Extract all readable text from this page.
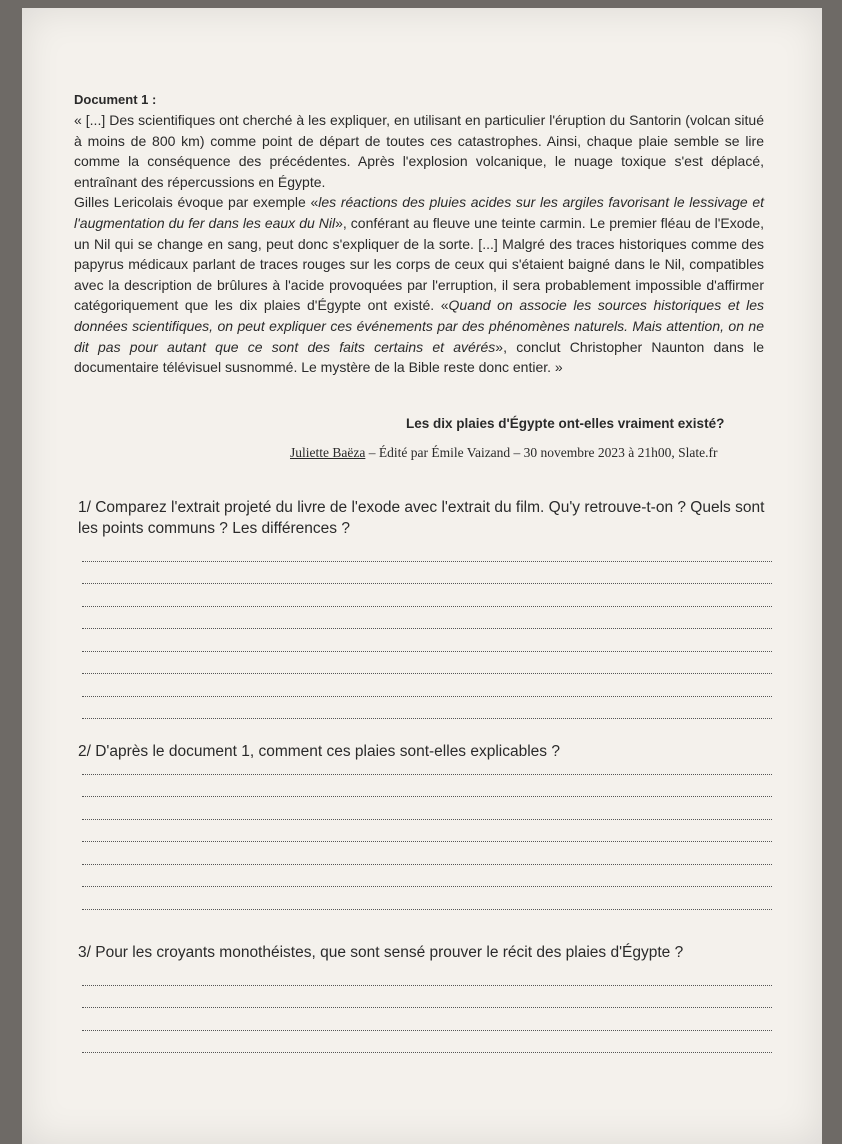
Document 1 :

« [...] Des scientifiques ont cherché à les expliquer, en utilisant en particulier l'éruption du Santorin (volcan situé à moins de 800 km) comme point de départ de toutes ces catastrophes. Ainsi, chaque plaie semble se lire comme la conséquence des précédentes. Après l'explosion volcanique, le nuage toxique s'est déplacé, entraînant des répercussions en Égypte.

Gilles Lericolais évoque par exemple «les réactions des pluies acides sur les argiles favorisant le lessivage et l'augmentation du fer dans les eaux du Nil», conférant au fleuve une teinte carmin. Le premier fléau de l'Exode, un Nil qui se change en sang, peut donc s'expliquer de la sorte. [...] Malgré des traces historiques comme des papyrus médicaux parlant de traces rouges sur les corps de ceux qui s'étaient baigné dans le Nil, compatibles avec la description de brûlures à l'acide provoquées par l'erruption, il sera probablement impossible d'affirmer catégoriquement que les dix plaies d'Égypte ont existé. «Quand on associe les sources historiques et les données scientifiques, on peut expliquer ces événements par des phénomènes naturels. Mais attention, on ne dit pas pour autant que ce sont des faits certains et avérés», conclut Christopher Naunton dans le documentaire télévisuel susnommé. Le mystère de la Bible reste donc entier. »

Les dix plaies d'Égypte ont-elles vraiment existé?
Juliette Baëza – Édité par Émile Vaizand – 30 novembre 2023 à 21h00, Slate.fr
1/ Comparez l'extrait projeté du livre de l'exode avec l'extrait du film. Qu'y retrouve-t-on ? Quels sont les points communs ? Les différences ?
2/ D'après le document 1, comment ces plaies sont-elles explicables ?
3/ Pour les croyants monothéistes, que sont sensé prouver le récit des plaies d'Égypte ?
